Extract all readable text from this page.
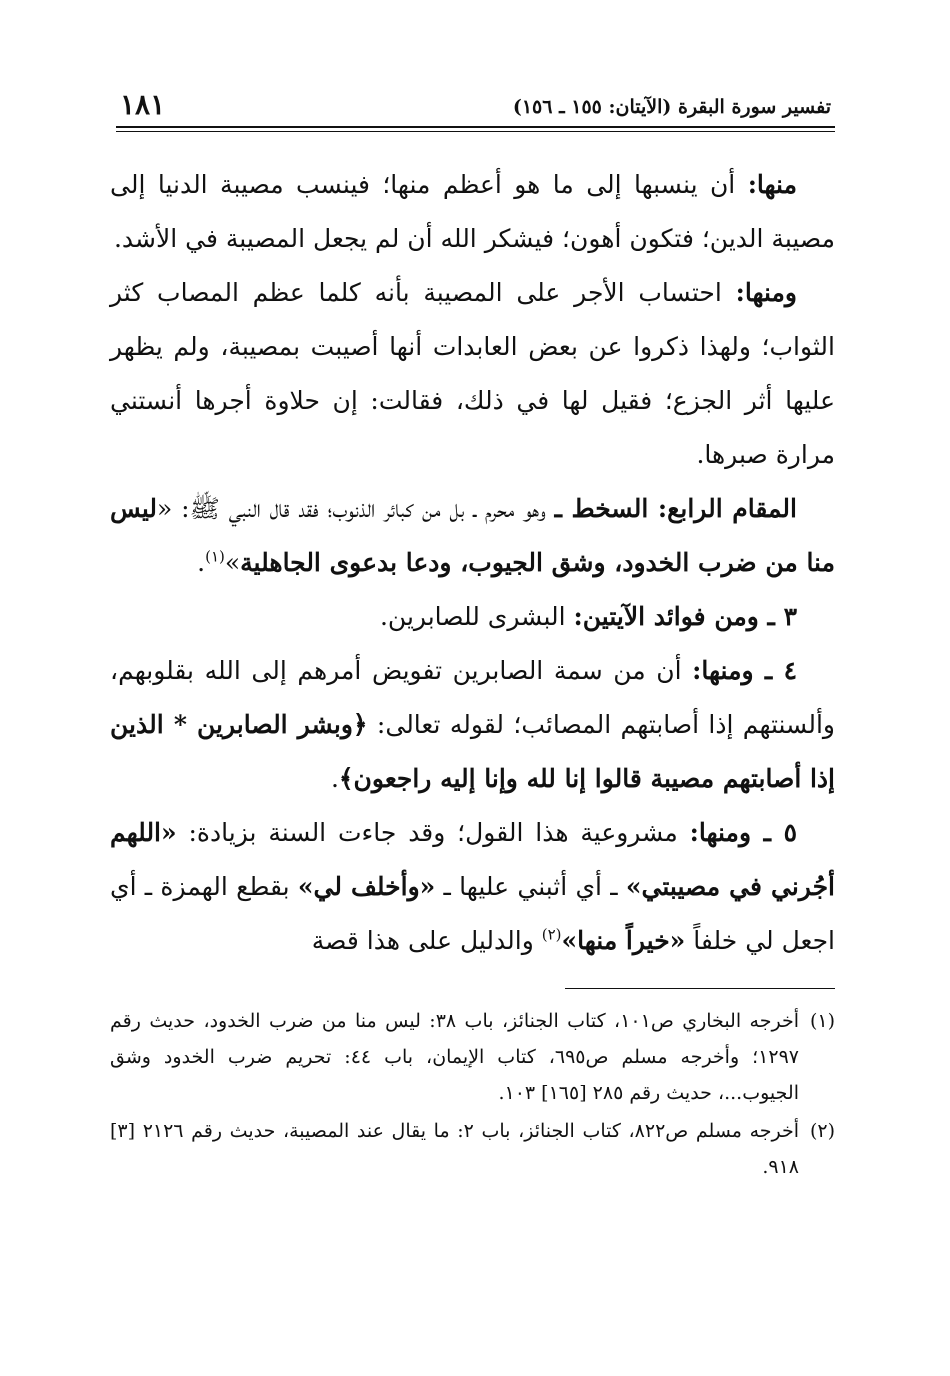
تفسير سورة البقرة (الآيتان: ١٥٥ ـ ١٥٦)
١٨١

منها: أن ينسبها إلى ما هو أعظم منها؛ فينسب مصيبة الدنيا إلى مصيبة الدين؛ فتكون أهون؛ فيشكر الله أن لم يجعل المصيبة في الأشد.

ومنها: احتساب الأجر على المصيبة بأنه كلما عظم المصاب كثر الثواب؛ ولهذا ذكروا عن بعض العابدات أنها أصيبت بمصيبة، ولم يظهر عليها أثر الجزع؛ فقيل لها في ذلك، فقالت: إن حلاوة أجرها أنستني مرارة صبرها.

المقام الرابع: السخط ـ وهو محرم ـ بل من كبائر الذنوب؛ فقد قال النبي ﷺ: «ليس منا من ضرب الخدود، وشق الجيوب، ودعا بدعوى الجاهلية»$^{(١)}$.

٣ ـ ومن فوائد الآيتين: البشرى للصابرين.

٤ ـ ومنها: أن من سمة الصابرين تفويض أمرهم إلى الله بقلوبهم، وألسنتهم إذا أصابتهم المصائب؛ لقوله تعالى: ﴿وبشر الصابرين * الذين إذا أصابتهم مصيبة قالوا إنا لله وإنا إليه راجعون﴾.

٥ ـ ومنها: مشروعية هذا القول؛ وقد جاءت السنة بزيادة: «اللهم أجُرني في مصيبتي» ـ أي أثبني عليها ـ «وأخلف لي» بقطع الهمزة ـ أي اجعل لي خلفاً «خيراً منها»$^{(٢)}$ والدليل على هذا قصة

(١)
أخرجه البخاري ص١٠١، كتاب الجنائز، باب ٣٨: ليس منا من ضرب الخدود، حديث رقم ١٢٩٧؛ وأخرجه مسلم ص٦٩٥، كتاب الإيمان، باب ٤٤: تحريم ضرب الخدود وشق الجيوب...، حديث رقم ٢٨٥ [١٦٥] ١٠٣.

(٢)
أخرجه مسلم ص٨٢٢، كتاب الجنائز، باب ٢: ما يقال عند المصيبة، حديث رقم ٢١٢٦ [٣] ٩١٨.
